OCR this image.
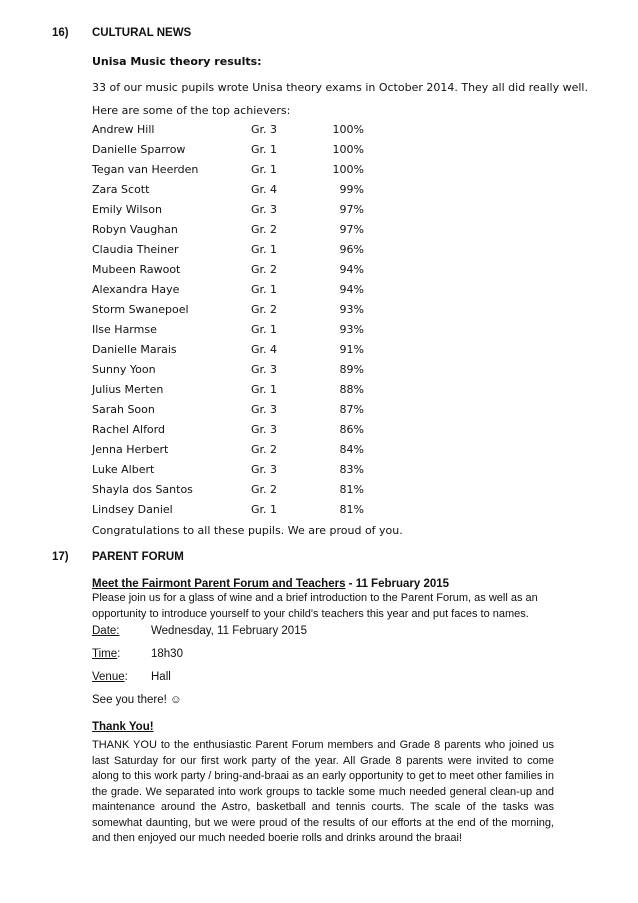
16) CULTURAL NEWS
Unisa Music theory results:
33 of our music pupils wrote Unisa theory exams in October 2014. They all did really well.
Here are some of the top achievers:
Andrew Hill	Gr. 3	100%
Danielle Sparrow	Gr. 1	100%
Tegan van Heerden	Gr. 1	100%
Zara Scott	Gr. 4	99%
Emily Wilson	Gr. 3	97%
Robyn Vaughan	Gr. 2	97%
Claudia Theiner	Gr. 1	96%
Mubeen Rawoot	Gr. 2	94%
Alexandra Haye	Gr. 1	94%
Storm Swanepoel	Gr. 2	93%
Ilse Harmse	Gr. 1	93%
Danielle Marais	Gr. 4	91%
Sunny Yoon	Gr. 3	89%
Julius Merten	Gr. 1	88%
Sarah Soon	Gr. 3	87%
Rachel Alford	Gr. 3	86%
Jenna Herbert	Gr. 2	84%
Luke Albert	Gr. 3	83%
Shayla dos Santos	Gr. 2	81%
Lindsey Daniel	Gr. 1	81%
Congratulations to all these pupils. We are proud of you.
17) PARENT FORUM
Meet the Fairmont Parent Forum and Teachers - 11 February 2015
Please join us for a glass of wine and a brief introduction to the Parent Forum, as well as an opportunity to introduce yourself to your child's teachers this year and put faces to names.
Date:	Wednesday, 11 February 2015
Time:	18h30
Venue: Hall
See you there! ☺
Thank You!
THANK YOU to the enthusiastic Parent Forum members and Grade 8 parents who joined us last Saturday for our first work party of the year. All Grade 8 parents were invited to come along to this work party / bring-and-braai as an early opportunity to get to meet other families in the grade. We separated into work groups to tackle some much needed general clean-up and maintenance around the Astro, basketball and tennis courts. The scale of the tasks was somewhat daunting, but we were proud of the results of our efforts at the end of the morning, and then enjoyed our much needed boerie rolls and drinks around the braai!
